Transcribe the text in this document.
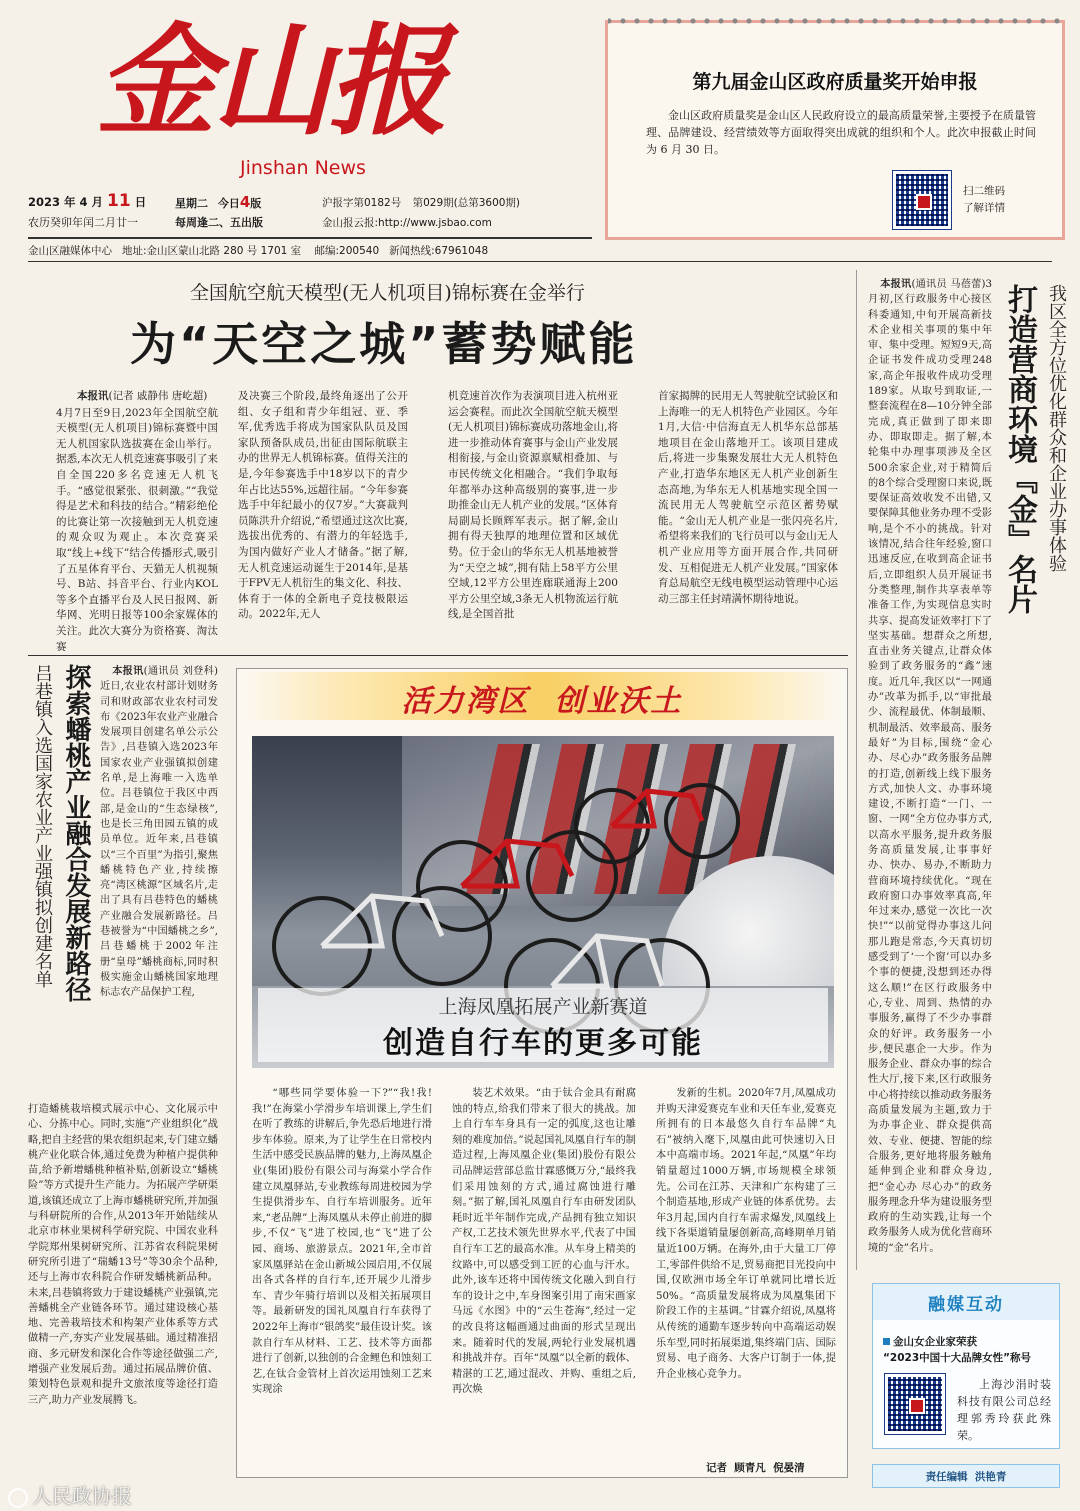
金山报
Jinshan News
2023 年 4 月 11 日
农历癸卯年闰二月廿一
星期二 今日4版
每周逢二、五出版
沪报字第0182号 第029期(总第3600期)
金山报云报:http://www.jsbao.com
金山区融媒体中心   地址:金山区蒙山北路 280 号 1701 室    邮编:200540   新闻热线:67961048
第九届金山区政府质量奖开始申报
金山区政府质量奖是金山区人民政府设立的最高质量荣誉,主要授予在质量管理、品牌建设、经营绩效等方面取得突出成就的组织和个人。此次申报截止时间为 6 月 30 日。
扫二维码
了解详情
全国航空航天模型(无人机项目)锦标赛在金举行
为“天空之城”蓄势赋能

本报讯(记者 戚静伟 唐屹超)

4月7日至9日,2023年全国航空航天模型(无人机项目)锦标赛暨中国无人机国家队选拔赛在金山举行。据悉,本次无人机竞速赛事吸引了来自全国220多名竞速无人机飞手。“感觉很紧张、很刺激。”“我觉得是艺术和科技的结合。”精彩绝伦的比赛让第一次接触到无人机竞速的观众叹为观止。本次竞赛采取“线上+线下”结合传播形式,吸引了五星体育平台、天猫无人机视频号、B站、抖音平台、行业内KOL等多个直播平台及人民日报网、新华网、光明日报等100余家媒体的关注。此次大赛分为资格赛、淘汰赛

及决赛三个阶段,最终角逐出了公开组、女子组和青少年组冠、亚、季军,优秀选手将成为国家队队员及国家队预备队成员,出征由国际航联主办的世界无人机锦标赛。值得关注的是,今年参赛选手中18岁以下的青少年占比达55%,远超往届。“今年参赛选手中年纪最小的仅7岁。”大赛裁判员陈洪升介绍说,“希望通过这次比赛,选拔出优秀的、有潜力的年轻选手,为国内做好产业人才储备。”据了解,无人机竞速运动诞生于2014年,是基于FPV无人机衍生的集文化、科技、体育于一体的全新电子竞技极限运动。2022年,无人
机竞速首次作为表演项目进入杭州亚运会赛程。而此次全国航空航天模型(无人机项目)锦标赛成功落地金山,将进一步推动体育赛事与金山产业发展相衔接,与金山资源禀赋相叠加、与市民传统文化相融合。“我们争取每年都举办这种高级别的赛事,进一步助推金山无人机产业的发展。”区体育局副局长顾辉军表示。据了解,金山拥有得天独厚的地理位置和区域优势。位于金山的华东无人机基地被誉为“天空之城”,拥有陆上58平方公里空域,12平方公里连廊联通海上200平方公里空域,3条无人机物流运行航线,是全国首批
首家揭牌的民用无人驾驶航空试验区和上海唯一的无人机特色产业园区。今年1月,大信·中信海直无人机华东总部基地项目在金山落地开工。该项目建成后,将进一步集聚发展壮大无人机特色产业,打造华东地区无人机产业创新生态高地,为华东无人机基地实现全国一流民用无人驾驶航空示范区蓄势赋能。“金山无人机产业是一张闪亮名片,希望将来我们的飞行员可以与金山无人机产业应用等方面开展合作,共同研发、互相促进无人机产业发展。”国家体育总局航空无线电模型运动管理中心运动三部主任封靖满怀期待地说。	打造营商环境『金』名片 我区全方位优化群众和企业办事体验
本报讯(通讯员 马蓓蕾)3月初,区行政服务中心接区科委通知,中旬开展高新技术企业相关事项的集中年审、集中受理。短短9天,高企证书发件成功受理248家,高企年报收件成功受理189家。从取号到取证,一整套流程在8—10分钟全部完成,真正做到了即来即办、即取即走。据了解,本轮集中办理事项涉及全区500余家企业,对于精简后的8个综合受理窗口来说,既要保证高效收发不出错,又要保障其他业务办理不受影响,是个不小的挑战。针对该情况,结合往年经验,窗口迅速反应,在收到高企证书后,立即组织人员开展证书分类整理,制作共享表单等准备工作,为实现信息实时共享、提高发证效率打下了坚实基础。想群众之所想,直击业务关键点,让群众体验到了政务服务的“鑫”速度。近几年,我区以“一网通办”改革为抓手,以“审批最少、流程最优、体制最顺、机制最活、效率最高、服务最好”为目标,围绕“金心办、尽心办”政务服务品牌的打造,创新线上线下服务方式,加快人文、办事环境建设,不断打造“一门、一窗、一网”全方位办事方式,以高水平服务,提升政务服务高质量发展,让事事好办、快办、易办,不断助力营商环境持续优化。“现在政府窗口办事效率真高,年年过来办,感觉一次比一次快!”“以前觉得办事这儿问那儿跑是常态,今天真切切感受到了‘一个窗’可以办多个事的便捷,没想到还办得这么顺!”在区行政服务中心,专业、周到、热情的办事服务,赢得了不少办事群众的好评。政务服务一小步,便民惠企一大步。作为服务企业、群众办事的综合性大厅,接下来,区行政服务中心将持续以推动政务服务高质量发展为主题,致力于为办事企业、群众提供高效、专业、便捷、智能的综合服务,更好地将服务触角延伸到企业和群众身边,把“金心办 尽心办”的政务服务理念升华为建设服务型政府的生动实践,让每一个政务服务人成为优化营商环境的“金”名片。
吕巷镇入选国家农业产业强镇拟创建名单 探索蟠桃产业融合发展新路径	本报讯(通讯员 刘登科)近日,农业农村部计划财务司和财政部农业农村司发布《2023年农业产业融合发展项目创建名单公示公告》,吕巷镇入选2023年国家农业产业强镇拟创建名单,是上海唯一入选单位。吕巷镇位于我区中西部,是金山的“生态绿核”,也是长三角田园五镇的成员单位。近年来,吕巷镇以“三个百里”为指引,聚焦蟠桃特色产业,持续擦亮“湾区桃源”区域名片,走出了具有吕巷特色的蟠桃产业融合发展新路径。吕巷被誉为“中国蟠桃之乡”,吕巷蟠桃于2002年注册“皇母”蟠桃商标,同时积极实施金山蟠桃国家地理标志农产品保护工程,
打造蟠桃栽培模式展示中心、文化展示中心、分拣中心。同时,实施“产业组织化”战略,把自主经营的果农组织起来,专门建立蟠桃产业化联合体,通过免费为种植户提供种苗,给予新增蟠桃种植补贴,创新设立“蟠桃险”等方式提升生产能力。为拓展产学研渠道,该镇还成立了上海市蟠桃研究所,并加强与科研院所的合作,从2013年开始陆续从北京市林业果树科学研究院、中国农业科学院郑州果树研究所、江苏省农科院果树研究所引进了“瑞蟠13号”等30余个品种,还与上海市农科院合作研发蟠桃新品种。未来,吕巷镇将致力于建设蟠桃产业强镇,完善蟠桃全产业链各环节。通过建设核心基地、完善栽培技术和构架产业体系等方式做精一产,夯实产业发展基础。通过精准招商、多元研发和深化合作等途径做强二产,增强产业发展后劲。通过拓展品牌价值、策划特色景观和提升文旅浓度等途径打造三产,助力产业发展腾飞。
活力湾区  创业沃土
上海凤凰拓展产业新赛道
创造自行车的更多可能
“哪些同学要体验一下?”“我!我!我!”在海棠小学滑步车培训课上,学生们在听了教练的讲解后,争先恐后地进行滑步车体验。原来,为了让学生在日常校内生活中感受民族品牌的魅力,上海凤凰企业(集团)股份有限公司与海棠小学合作建立凤凰驿站,专业教练每周进校园为学生提供滑步车、自行车培训服务。近年来,“老品牌”上海凤凰从未停止前进的脚步,不仅“飞”进了校园,也“飞”进了公园、商场、旅游景点。2021年,全市首家凤凰驿站在金山新城公园启用,不仅展出各式各样的自行车,还开展少儿滑步车、青少年骑行培训以及相关拓展项目等。最新研发的国礼凤凰自行车获得了2022年上海市“银鸽奖”最佳设计奖。该款自行车从材料、工艺、技术等方面都进行了创新,以独创的合金鲤色和蚀刻工艺,在钛合金管材上首次运用蚀刻工艺来实现涂
装艺术效果。“由于钛合金具有耐腐蚀的特点,给我们带来了很大的挑战。加上自行车车身具有一定的弧度,这也让雕刻的难度加倍。”说起国礼凤凰自行车的制造过程,上海凤凰企业(集团)股份有限公司品牌运营部总监廿霖感慨万分,“最终我们采用蚀刻的方式,通过腐蚀进行雕刻。”据了解,国礼凤凰自行车由研发团队耗时近半年制作完成,产品拥有独立知识产权,工艺技术领先世界水平,代表了中国自行车工艺的最高水准。从车身上精美的纹路中,可以感受到工匠的心血与汗水。此外,该车还将中国传统文化融入到自行车的设计之中,车身图案引用了南宋画家马远《水图》中的“云生苍海”,经过一定的改良将这幅画通过曲面的形式呈现出来。随着时代的发展,两轮行业发展机遇和挑战并存。百年“凤凰”以全新的载体、精湛的工艺,通过混改、并购、重组之后,再次焕
发新的生机。2020年7月,凤凰成功并购天津爱赛克车业和天任车业,爱赛克所拥有的日本最悠久自行车品牌“丸石”被纳入麾下,凤凰由此可快速切入日本中高端市场。2021年起,“凤凰”年均销量超过1000万辆,市场规模全球领先。公司在江苏、天津和广东构建了三个制造基地,形成产业链的体系优势。去年3月起,国内自行车需求爆发,凤凰线上线下各渠道销量屡创新高,高峰期单月销量近100万辆。在海外,由于大量工厂停工,零部件供给不足,贸易商把目光投向中国,仅欧洲市场全年订单就同比增长近50%。“高质量发展将成为凤凰集团下阶段工作的主基调。”甘霖介绍说,凤凰将从传统的通勤车逐步转向中高端运动娱乐车型,同时拓展渠道,集终端门店、国际贸易、电子商务、大客户订制于一体,提升企业核心竞争力。
记者  顾青凡  倪晏清
融媒互动
金山女企业家荣获
“2023中国十大品牌女性”称号
上海沙涓时装科技有限公司总经理郭秀玲获此殊荣。
责任编辑  洪艳青
人民政协报
